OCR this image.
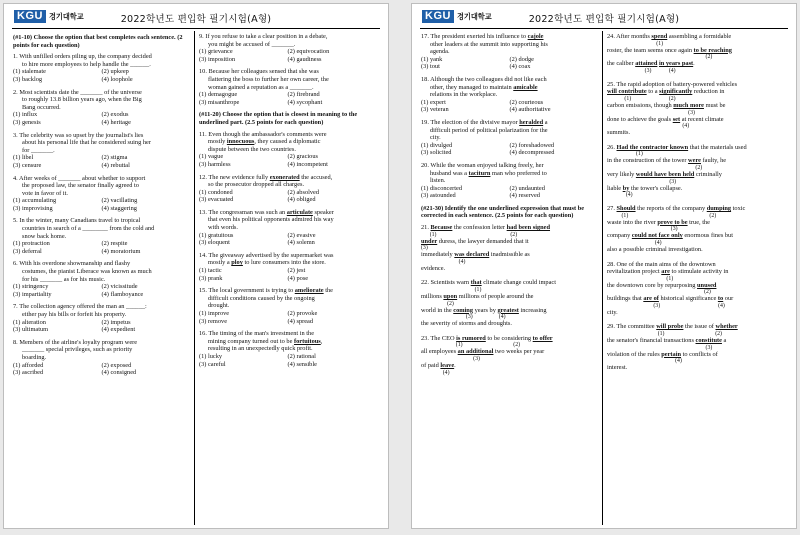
KGU 경기대학교	2022학년도 편입학 필기시험(A형)
(#1-10) Choose the option that best completes each sentence. (2 points for each question)
1. With unfilled orders piling up, the company decided
to hire more employees to help handle the ______.
(1) stalemate	(2) upkeep
(3) backlog	(4) loophole
2. Most scientists date the _______ of the universe
to roughly 13.8 billion years ago, when the Big
Bang occurred.
(1) influx	(2) exodus
(3) genesis	(4) heritage
3. The celebrity was so upset by the journalist's lies
about his personal life that he considered suing her
for _______.
(1) libel	(2) stigma
(3) censure	(4) rebuttal
4. After weeks of _______ about whether to support
the proposed law, the senator finally agreed to
vote in favor of it.
(1) accumulating	(2) vacillating
(3) improvising	(4) staggering
5. In the winter, many Canadians travel to tropical
countries in search of a ________ from the cold and
snow back home.
(1) protraction	(2) respite
(3) deferral	(4) moratorium
6. With his overdone showmanship and flashy
costumes, the pianist Liberace was known as much
for his _______ as for his music.
(1) stringency	(2) vicissitude
(3) impartiality	(4) flamboyance
7. The collection agency offered the man an ______:
either pay his bills or forfeit his property.
(1) alteration	(2) impetus
(3) ultimatum	(4) expedient
8. Members of the airline's loyalty program were
_______ special privileges, such as priority
boarding.
(1) afforded	(2) exposed
(3) ascribed	(4) consigned
9. If you refuse to take a clear position in a debate,
you might be accused of _______.
(1) grievance	(2) equivocation
(3) imposition	(4) gaudiness
10. Because her colleagues sensed that she was
flattering the boss to further her own career, the
woman gained a reputation as a _______.
(1) demagogue	(2) firebrand
(3) misanthrope	(4) sycophant
(#11-20) Choose the option that is closest in meaning to the underlined part. (2.5 points for each question)
11. Even though the ambassador's comments were
mostly innocuous, they caused a diplomatic
dispute between the two countries.
(1) vague	(2) gracious
(3) harmless	(4) incompetent
12. The new evidence fully exonerated the accused,
so the prosecutor dropped all charges.
(1) condoned	(2) absolved
(3) evacuated	(4) obliged
13. The congressman was such an articulate speaker
that even his political opponents admired his way
with words.
(1) gratuitous	(2) evasive
(3) eloquent	(4) solemn
14. The giveaway advertised by the supermarket was
mostly a ploy to lure consumers into the store.
(1) tactic	(2) jest
(3) prank	(4) pose
15. The local government is trying to ameliorate the
difficult conditions caused by the ongoing
drought.
(1) improve	(2) provoke
(3) remove	(4) spread
16. The timing of the man's investment in the
mining company turned out to be fortuitous,
resulting in an unexpectedly quick profit.
(1) lucky	(2) rational
(3) careful	(4) sensible
KGU 경기대학교	2022학년도 편입학 필기시험(A형)
17. The president exerted his influence to cajole
other leaders at the summit into supporting his
agenda.
(1) yank	(2) dodge
(3) tout	(4) coax
18. Although the two colleagues did not like each
other, they managed to maintain amicable
relations in the workplace.
(1) expert	(2) courteous
(3) veteran	(4) authoritative
19. The election of the divisive mayor heralded a
difficult period of political polarization for the
city.
(1) divulged	(2) foreshadowed
(3) solicited	(4) decompressed
20. While the woman enjoyed talking freely, her
husband was a taciturn man who preferred to
listen.
(1) disconcerted	(2) undaunted
(3) astounded	(4) reserved
(#21-30) Identify the one underlined expression that must be corrected in each sentence. (2.5 points for each question)
21. Because the confession letter had been signed
(1)                                                   (2)
under duress, the lawyer demanded that it
(3)
immediately was declared inadmissible as
(4)
evidence.
22. Scientists warn that climate change could impact
(1)
millions upon millions of people around the
(2)
world in the coming years by greatest increasing
(3)                  (4)
the severity of storms and droughts.
23. The CEO is rumored to be considering to offer
(1)                                   (2)
all employees an additional two weeks per year
(3)
of paid leave.
(4)
24. After months spend assembling a formidable
(1)
roster, the team seems once again to be reaching
(2)
the caliber attained in years past.
(3)            (4)
25. The rapid adoption of battery-powered vehicles
will contribute to a significantly reduction in
(1)                          (2)
carbon emissions, though much more must be
(3)
done to achieve the goals set at recent climate
(4)
summits.
26. Had the contractor known that the materials used
(1)
in the construction of the tower were faulty, he
(2)
very likely would have been held criminally
(3)
liable by the tower's collapse.
(4)
27. Should the reports of the company dumping toxic
(1)                                                        (2)
waste into the river prove to be true, the
(3)
company could not face only enormous fines but
(4)
also a possible criminal investigation.
28. One of the main aims of the downtown
revitalization project are to stimulate activity in
(1)
the downtown core by repurposing unused
(2)
buildings that are of historical significance to our
(3)                                        (4)
city.
29. The committee will probe the issue of whether
(1)                                   (2)
the senator's financial transactions constitute a
(3)
violation of the rules pertain to conflicts of
(4)
interest.
